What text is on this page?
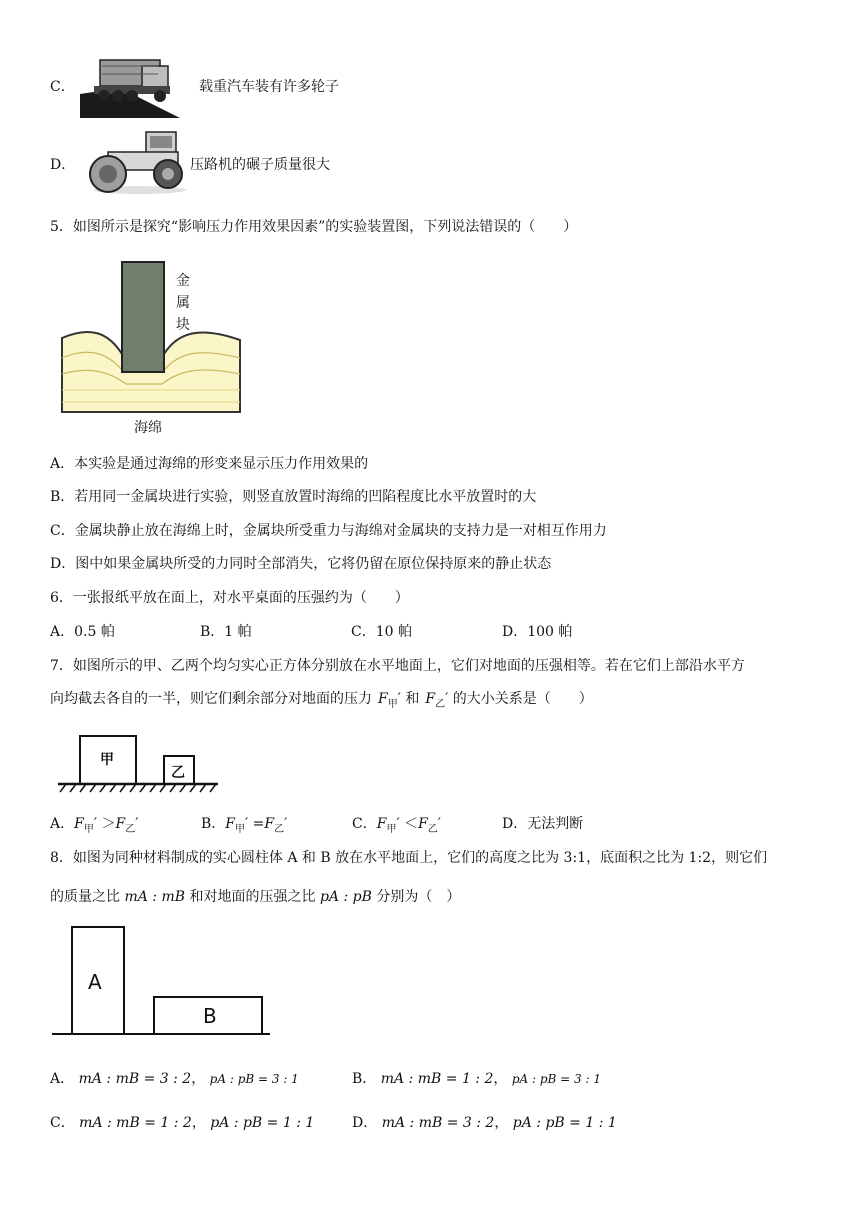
C．	载重汽车装有许多轮子
D．	压路机的碾子质量很大
5．如图所示是探究“影响压力作用效果因素”的实验装置图，下列说法错误的（　　）
金
属
块
海绵
A．本实验是通过海绵的形变来显示压力作用效果的
B．若用同一金属块进行实验，则竖直放置时海绵的凹陷程度比水平放置时的大
C．金属块静止放在海绵上时，金属块所受重力与海绵对金属块的支持力是一对相互作用力
D．图中如果金属块所受的力同时全部消失，它将仍留在原位保持原来的静止状态
6．一张报纸平放在面上，对水平桌面的压强约为（　　）
A．0.5 帕	B．1 帕	C．10 帕	D．100 帕
7．如图所示的甲、乙两个均匀实心正方体分别放在水平地面上，它们对地面的压强相等。若在它们上部沿水平方
向均截去各自的一半，则它们剩余部分对地面的压力 $F_甲'$ 和 $F_乙'$ 的大小关系是（　　）
甲
乙
A．$F_甲' >F_乙'$	B．$F_甲' =F_乙'$	C．$F_甲' <F_乙'$	D．无法判断
8．如图为同种材料制成的实心圆柱体 A 和 B 放在水平地面上，它们的高度之比为 3:1，底面积之比为 1:2，则它们
的质量之比 mA : mB 和对地面的压强之比 pA : pB 分别为（　）
A
B
A． mA : mB = 3 : 2， pA : pB = 3 : 1	B． mA : mB = 1 : 2， pA : pB = 3 : 1
C． mA : mB = 1 : 2， pA : pB = 1 : 1	D． mA : mB = 3 : 2， pA : pB = 1 : 1
